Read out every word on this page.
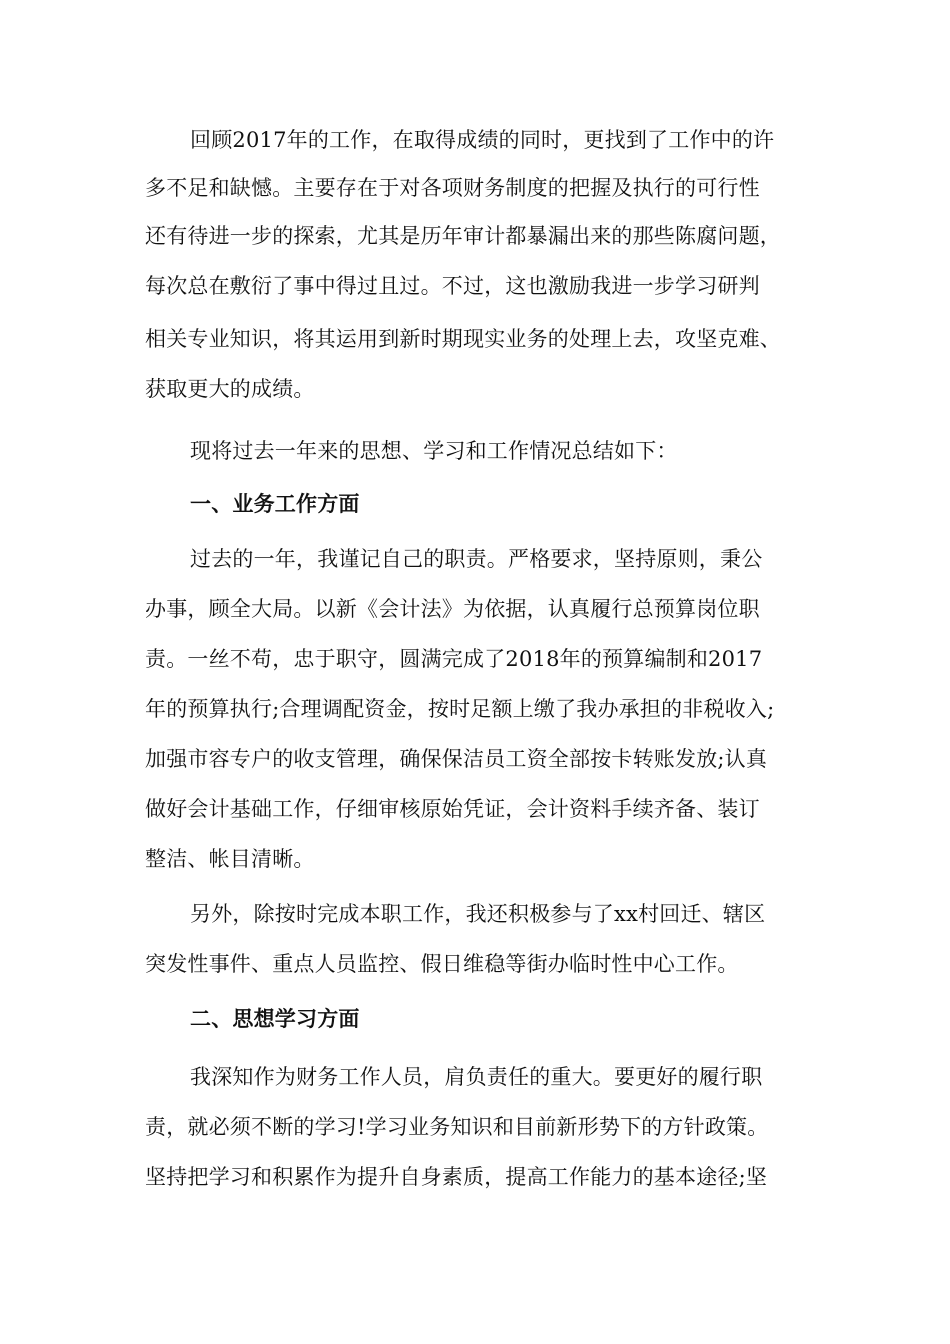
回顾2017年的工作，在取得成绩的同时，更找到了工作中的许
多不足和缺憾。主要存在于对各项财务制度的把握及执行的可行性
还有待进一步的探索，尤其是历年审计都暴漏出来的那些陈腐问题，
每次总在敷衍了事中得过且过。不过，这也激励我进一步学习研判
相关专业知识，将其运用到新时期现实业务的处理上去，攻坚克难、
获取更大的成绩。
现将过去一年来的思想、学习和工作情况总结如下：
一、业务工作方面
过去的一年，我谨记自己的职责。严格要求，坚持原则，秉公
办事，顾全大局。以新《会计法》为依据，认真履行总预算岗位职
责。一丝不苟，忠于职守，圆满完成了2018年的预算编制和2017
年的预算执行;合理调配资金，按时足额上缴了我办承担的非税收入;
加强市容专户的收支管理，确保保洁员工资全部按卡转账发放;认真
做好会计基础工作，仔细审核原始凭证，会计资料手续齐备、装订
整洁、帐目清晰。
另外，除按时完成本职工作，我还积极参与了xx村回迁、辖区
突发性事件、重点人员监控、假日维稳等街办临时性中心工作。
二、思想学习方面
我深知作为财务工作人员，肩负责任的重大。要更好的履行职
责，就必须不断的学习!学习业务知识和目前新形势下的方针政策。
坚持把学习和积累作为提升自身素质，提高工作能力的基本途径;坚
